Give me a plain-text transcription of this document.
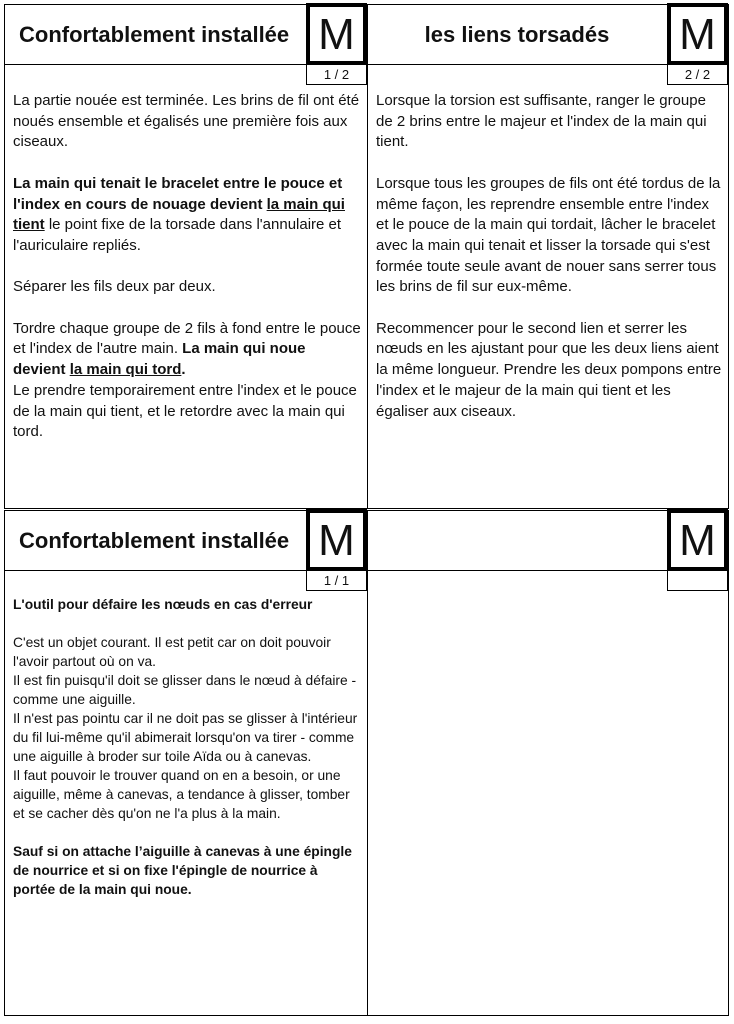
Confortablement installée M
1 / 2

La partie nouée est terminée. Les brins de fil ont été noués ensemble et égalisés une première fois aux ciseaux.

La main qui tenait le bracelet entre le pouce et l'index en cours de nouage devient la main qui tient le point fixe de la torsade dans l'annulaire et l'auriculaire repliés.

Séparer les fils deux par deux.

Tordre chaque groupe de 2 fils à fond entre le pouce et l'index de l'autre main. La main qui noue devient la main qui tord.
Le prendre temporairement entre l'index et le pouce de la main qui tient, et le retordre avec la main qui tord.

les liens torsadés	M
2 / 2

Lorsque la torsion est suffisante, ranger le groupe de 2 brins entre le majeur et l'index de la main qui tient.

Lorsque tous les groupes de fils ont été tordus de la même façon, les reprendre ensemble entre l'index et le pouce de la main qui tordait, lâcher le bracelet avec la main qui tenait et lisser la torsade qui s'est formée toute seule avant de nouer sans serrer tous les brins de fil sur eux-même.

Recommencer pour le second lien et serrer les nœuds en les ajustant pour que les deux liens aient la même longueur. Prendre les deux pompons entre l'index et le majeur de la main qui tient et les égaliser aux ciseaux.

Confortablement installée M
1 / 1

L'outil pour défaire les nœuds en cas d'erreur

C'est un objet courant. Il est petit car on doit pouvoir l'avoir partout où on va.
Il est fin puisqu'il doit se glisser dans le nœud à défaire - comme une aiguille.
Il n'est pas pointu car il ne doit pas se glisser à l'intérieur du fil lui-même qu'il abimerait lorsqu'on va tirer - comme une aiguille à broder sur toile Aïda ou à canevas.
Il faut pouvoir le trouver quand on en a besoin, or une aiguille, même à canevas, a tendance à glisser, tomber et se cacher dès qu'on ne l'a plus à la main.

Sauf si on attache l’aiguille à canevas à une épingle de nourrice et si on fixe l'épingle de nourrice à portée de la main qui noue.

M
